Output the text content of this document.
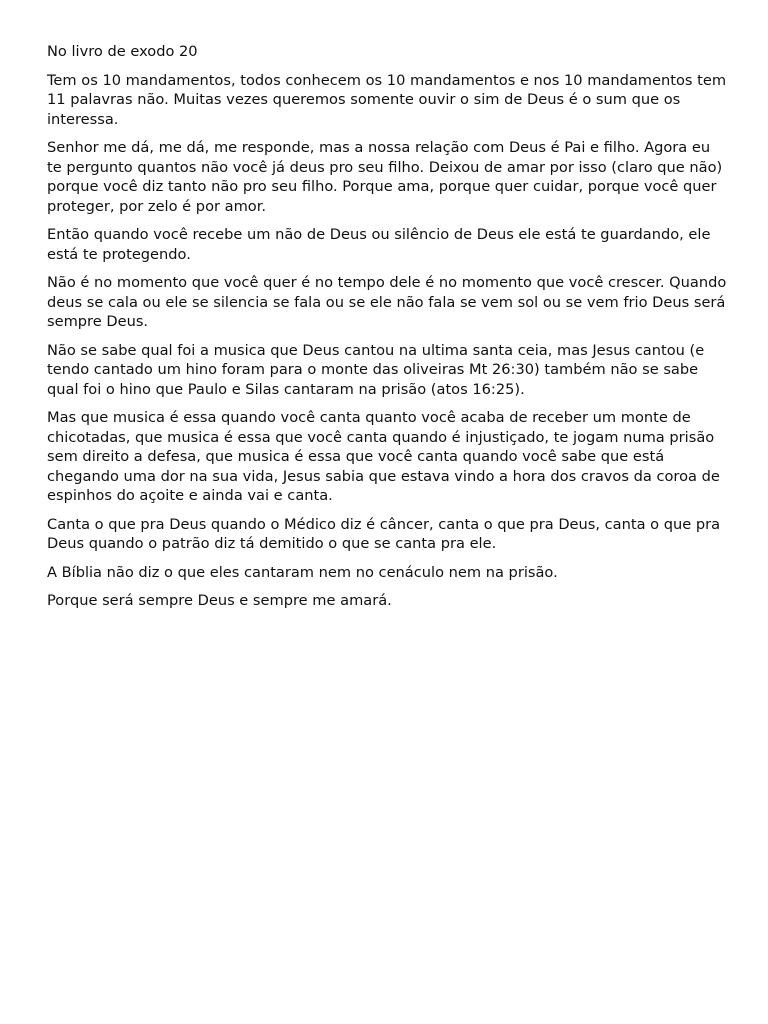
No livro de exodo 20

Tem os 10 mandamentos, todos conhecem os 10 mandamentos e nos 10 mandamentos tem 11 palavras não. Muitas vezes queremos somente ouvir o sim de Deus é o sum que os interessa.

Senhor me dá, me dá, me responde, mas a nossa relação com Deus é Pai e filho. Agora eu te pergunto quantos não você já deus pro seu filho. Deixou de amar por isso (claro que não) porque você diz tanto não pro seu filho. Porque ama, porque quer cuidar, porque você quer proteger, por zelo é por amor.

Então quando você recebe um não de Deus ou silêncio de Deus ele está te guardando, ele está te protegendo.

Não é no momento que você quer é no tempo dele é no momento que você crescer. Quando deus se cala ou ele se silencia se fala ou se ele não fala se vem sol ou se vem frio Deus será sempre Deus.

Não se sabe qual foi a musica que Deus cantou na ultima santa ceia, mas Jesus cantou (e tendo cantado um hino foram para o monte das oliveiras Mt 26:30) também não se sabe qual foi o hino que Paulo e Silas cantaram na prisão (atos 16:25).

Mas que musica é essa quando você canta quanto você acaba de receber um monte de chicotadas, que musica é essa que você canta quando é injustiçado, te jogam numa prisão sem direito a defesa, que musica é essa que você canta quando você sabe que está chegando uma dor na sua vida, Jesus sabia que estava vindo a hora dos cravos da coroa de espinhos do açoite e ainda vai e canta.

Canta o que pra Deus quando o Médico diz é câncer, canta o que pra Deus, canta o que pra Deus quando o patrão diz tá demitido o que se canta pra ele.

A Bíblia não diz o que eles cantaram nem no cenáculo nem na prisão.

Porque será sempre Deus e sempre me amará.
